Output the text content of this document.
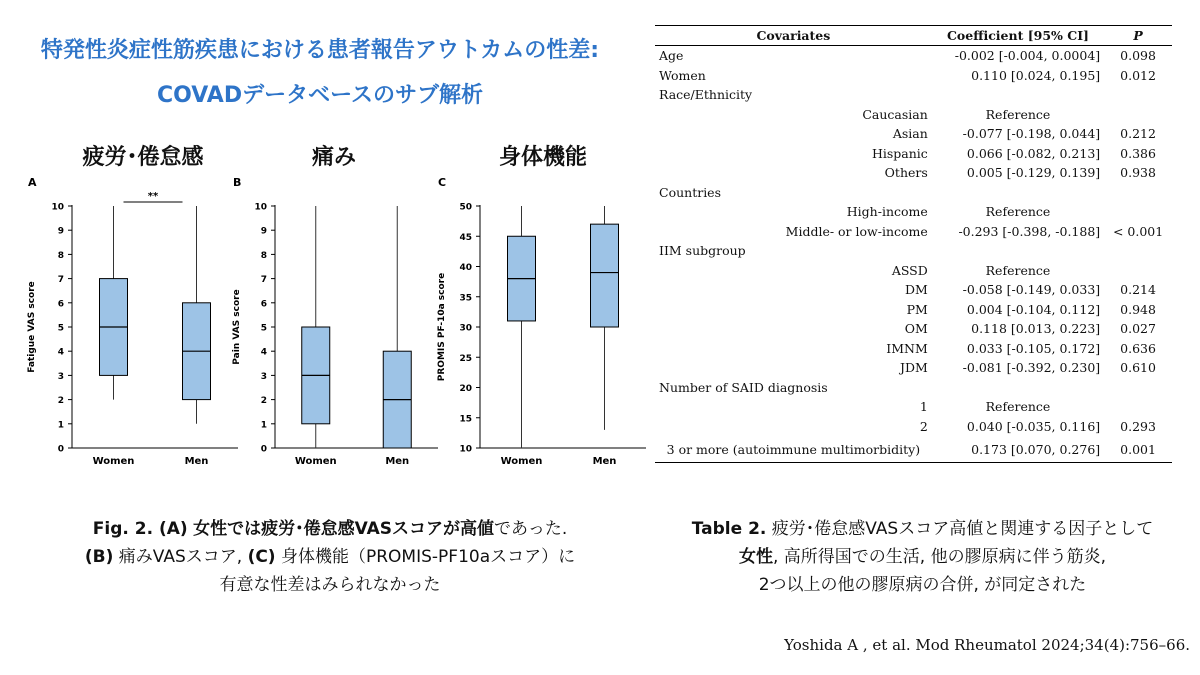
特発性炎症性筋疾患における患者報告アウトカムの性差:
COVADデータベースのサブ解析
疲労･倦怠感	痛み	身体機能
A
0
1
2
3
4
5
6
7
8
9
10
Fatigue VAS score
Women	Men
**
B
0
1
2
3
4
5
6
7
8
9
10
Pain VAS score
Women	Men
C
10
15
20
25
30
35
40
45
50
PROMIS PF-10a score
Women	Men
Covariates	Coefficient [95% CI]	P
Age	-0.002 [-0.004, 0.0004]	0.098
Women	0.110 [0.024, 0.195]	0.012
Race/Ethnicity		
Caucasian	Reference	
Asian	-0.077 [-0.198, 0.044]	0.212
Hispanic	0.066 [-0.082, 0.213]	0.386
Others	0.005 [-0.129, 0.139]	0.938
Countries		
High-income	Reference	
Middle- or low-income	-0.293 [-0.398, -0.188]	< 0.001
IIM subgroup		
ASSD	Reference	
DM	-0.058 [-0.149, 0.033]	0.214
PM	0.004 [-0.104, 0.112]	0.948
OM	0.118 [0.013, 0.223]	0.027
IMNM	0.033 [-0.105, 0.172]	0.636
JDM	-0.081 [-0.392, 0.230]	0.610
Number of SAID diagnosis		
1	Reference	
2	0.040 [-0.035, 0.116]	0.293
3 or more (autoimmune multimorbidity)	0.173 [0.070, 0.276]	0.001
Fig. 2. (A) 女性では疲労･倦怠感VASスコアが高値であった.
(B) 痛みVASスコア, (C) 身体機能（PROMIS-PF10aスコア）に
有意な性差はみられなかった
Table 2. 疲労･倦怠感VASスコア高値と関連する因子として
女性, 高所得国での生活, 他の膠原病に伴う筋炎,
2つ以上の他の膠原病の合併, が同定された
Yoshida A , et al. Mod Rheumatol 2024;34(4):756–66.
